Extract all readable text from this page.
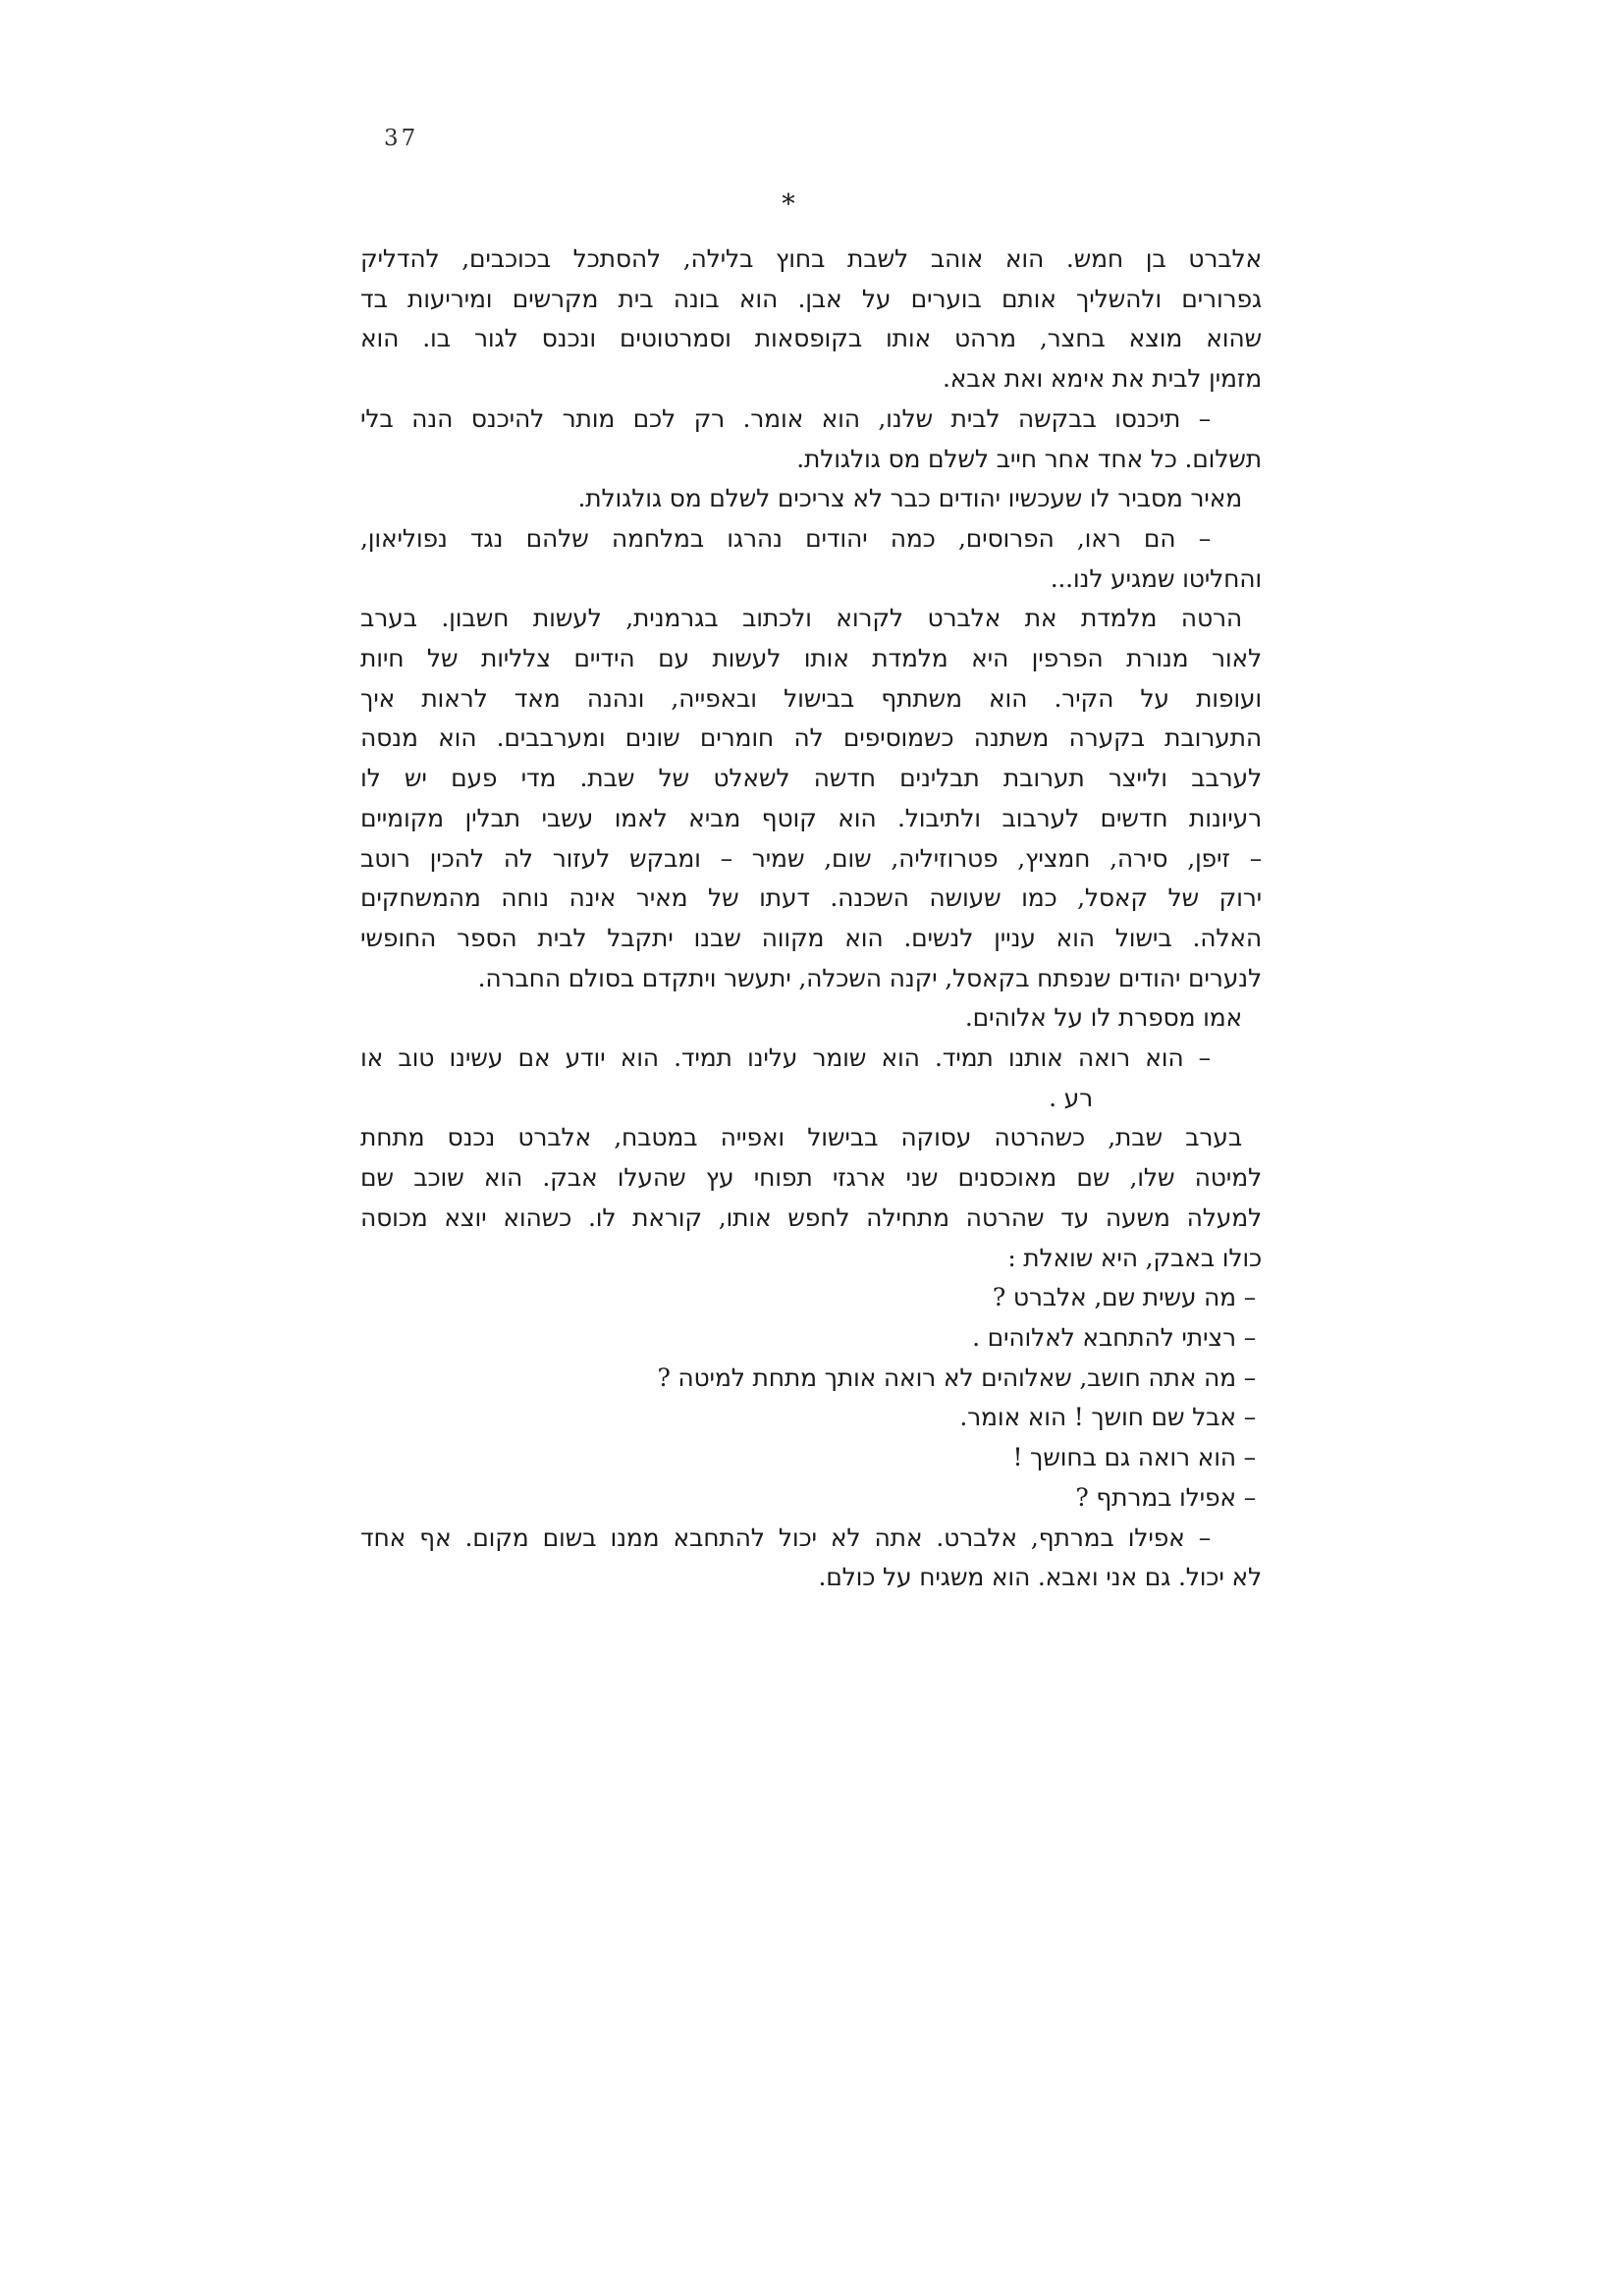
37
*
אלברט בן חמש. הוא אוהב לשבת בחוץ בלילה, להסתכל בכוכבים, להדליק
גפרורים ולהשליך אותם בוערים על אבן. הוא בונה בית מקרשים ומיריעות בד
שהוא מוצא בחצר, מרהט אותו בקופסאות וסמרטוטים ונכנס לגור בו. הוא
מזמין לבית את אימא ואת אבא.
– תיכנסו בבקשה לבית שלנו, הוא אומר. רק לכם מותר להיכנס הנה בלי
תשלום. כל אחד אחר חייב לשלם מס גולגולת.
מאיר מסביר לו שעכשיו יהודים כבר לא צריכים לשלם מס גולגולת.
– הם ראו, הפרוסים, כמה יהודים נהרגו במלחמה שלהם נגד נפוליאון,
והחליטו שמגיע לנו...
הרטה מלמדת את אלברט לקרוא ולכתוב בגרמנית, לעשות חשבון. בערב
לאור מנורת הפרפין היא מלמדת אותו לעשות עם הידיים צלליות של חיות
ועופות על הקיר. הוא משתתף בבישול ובאפייה, ונהנה מאד לראות איך
התערובת בקערה משתנה כשמוסיפים לה חומרים שונים ומערבבים. הוא מנסה
לערבב ולייצר תערובת תבלינים חדשה לשאלט של שבת. מדי פעם יש לו
רעיונות חדשים לערבוב ולתיבול. הוא קוטף מביא לאמו עשבי תבלין מקומיים
– זיפן, סירה, חמציץ, פטרוזיליה, שום, שמיר – ומבקש לעזור לה להכין רוטב
ירוק של קאסל, כמו שעושה השכנה. דעתו של מאיר אינה נוחה מהמשחקים
האלה. בישול הוא עניין לנשים. הוא מקווה שבנו יתקבל לבית הספר החופשי
לנערים יהודים שנפתח בקאסל, יקנה השכלה, יתעשר ויתקדם בסולם החברה.
אמו מספרת לו על אלוהים.
– הוא רואה אותנו תמיד. הוא שומר עלינו תמיד. הוא יודע אם עשינו טוב או
רע .
בערב שבת, כשהרטה עסוקה בבישול ואפייה במטבח, אלברט נכנס מתחת
למיטה שלו, שם מאוכסנים שני ארגזי תפוחי עץ שהעלו אבק. הוא שוכב שם
למעלה משעה עד שהרטה מתחילה לחפש אותו, קוראת לו. כשהוא יוצא מכוסה
כולו באבק, היא שואלת :
– מה עשית שם, אלברט ?
– רציתי להתחבא לאלוהים .
– מה אתה חושב, שאלוהים לא רואה אותך מתחת למיטה ?
– אבל שם חושך ! הוא אומר.
– הוא רואה גם בחושך !
– אפילו במרתף ?
– אפילו במרתף, אלברט. אתה לא יכול להתחבא ממנו בשום מקום. אף אחד
לא יכול. גם אני ואבא. הוא משגיח על כולם.
